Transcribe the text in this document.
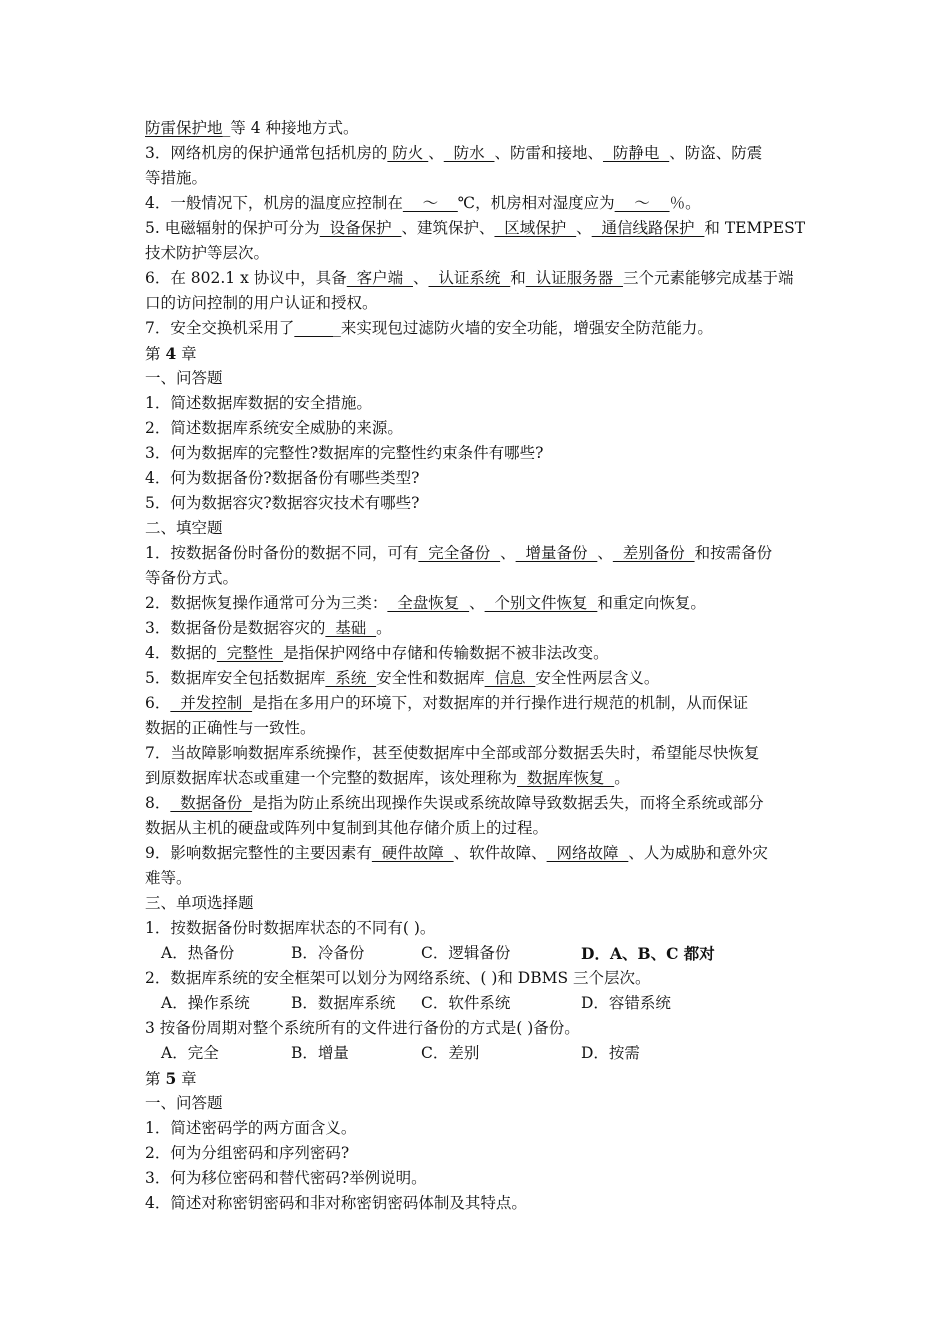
防雷保护地_等 4 种接地方式。
3．网络机房的保护通常包括机房的 防火 、  防水  、防雷和接地、  防静电  、防盗、防震
等措施。
4．一般情况下，机房的温度应控制在    ～    ℃，机房相对湿度应为    ～    ％。
5. 电磁辐射的保护可分为  设备保护  、建筑保护、  区域保护  、  通信线路保护  和 TEMPEST
技术防护等层次。
6．在 802.1 x 协议中，具备  客户端  、  认证系统  和  认证服务器  三个元素能够完成基于端
口的访问控制的用户认证和授权。
7．安全交换机采用了______来实现包过滤防火墙的安全功能，增强安全防范能力。
第 4 章
一、问答题
1．简述数据库数据的安全措施。
2．简述数据库系统安全威胁的来源。
3．何为数据库的完整性?数据库的完整性约束条件有哪些?
4．何为数据备份?数据备份有哪些类型?
5．何为数据容灾?数据容灾技术有哪些?
二、填空题
1．按数据备份时备份的数据不同，可有  完全备份  、  增量备份  、  差别备份  和按需备份
等备份方式。
2．数据恢复操作通常可分为三类：  全盘恢复  、  个别文件恢复  和重定向恢复。
3．数据备份是数据容灾的  基础  。
4．数据的  完整性  是指保护网络中存储和传输数据不被非法改变。
5．数据库安全包括数据库  系统  安全性和数据库  信息  安全性两层含义。
6．  并发控制  是指在多用户的环境下，对数据库的并行操作进行规范的机制，从而保证
数据的正确性与一致性。
7．当故障影响数据库系统操作，甚至使数据库中全部或部分数据丢失时，希望能尽快恢复
到原数据库状态或重建一个完整的数据库，该处理称为  数据库恢复  。
8．  数据备份  是指为防止系统出现操作失误或系统故障导致数据丢失，而将全系统或部分
数据从主机的硬盘或阵列中复制到其他存储介质上的过程。
9．影响数据完整性的主要因素有  硬件故障  、软件故障、  网络故障  、人为威胁和意外灾
难等。
三、单项选择题
1．按数据备份时数据库状态的不同有( )。
A．热备份	B．冷备份	C．逻辑备份	D．A、B、C 都对
2．数据库系统的安全框架可以划分为网络系统、( )和 DBMS 三个层次。
A．操作系统	B．数据库系统 C．软件系统	D．容错系统
3 按备份周期对整个系统所有的文件进行备份的方式是( )备份。
A．完全	B．增量	C．差别	D．按需
第 5 章
一、问答题
1．简述密码学的两方面含义。
2．何为分组密码和序列密码?
3．何为移位密码和替代密码?举例说明。
4．简述对称密钥密码和非对称密钥密码体制及其特点。
